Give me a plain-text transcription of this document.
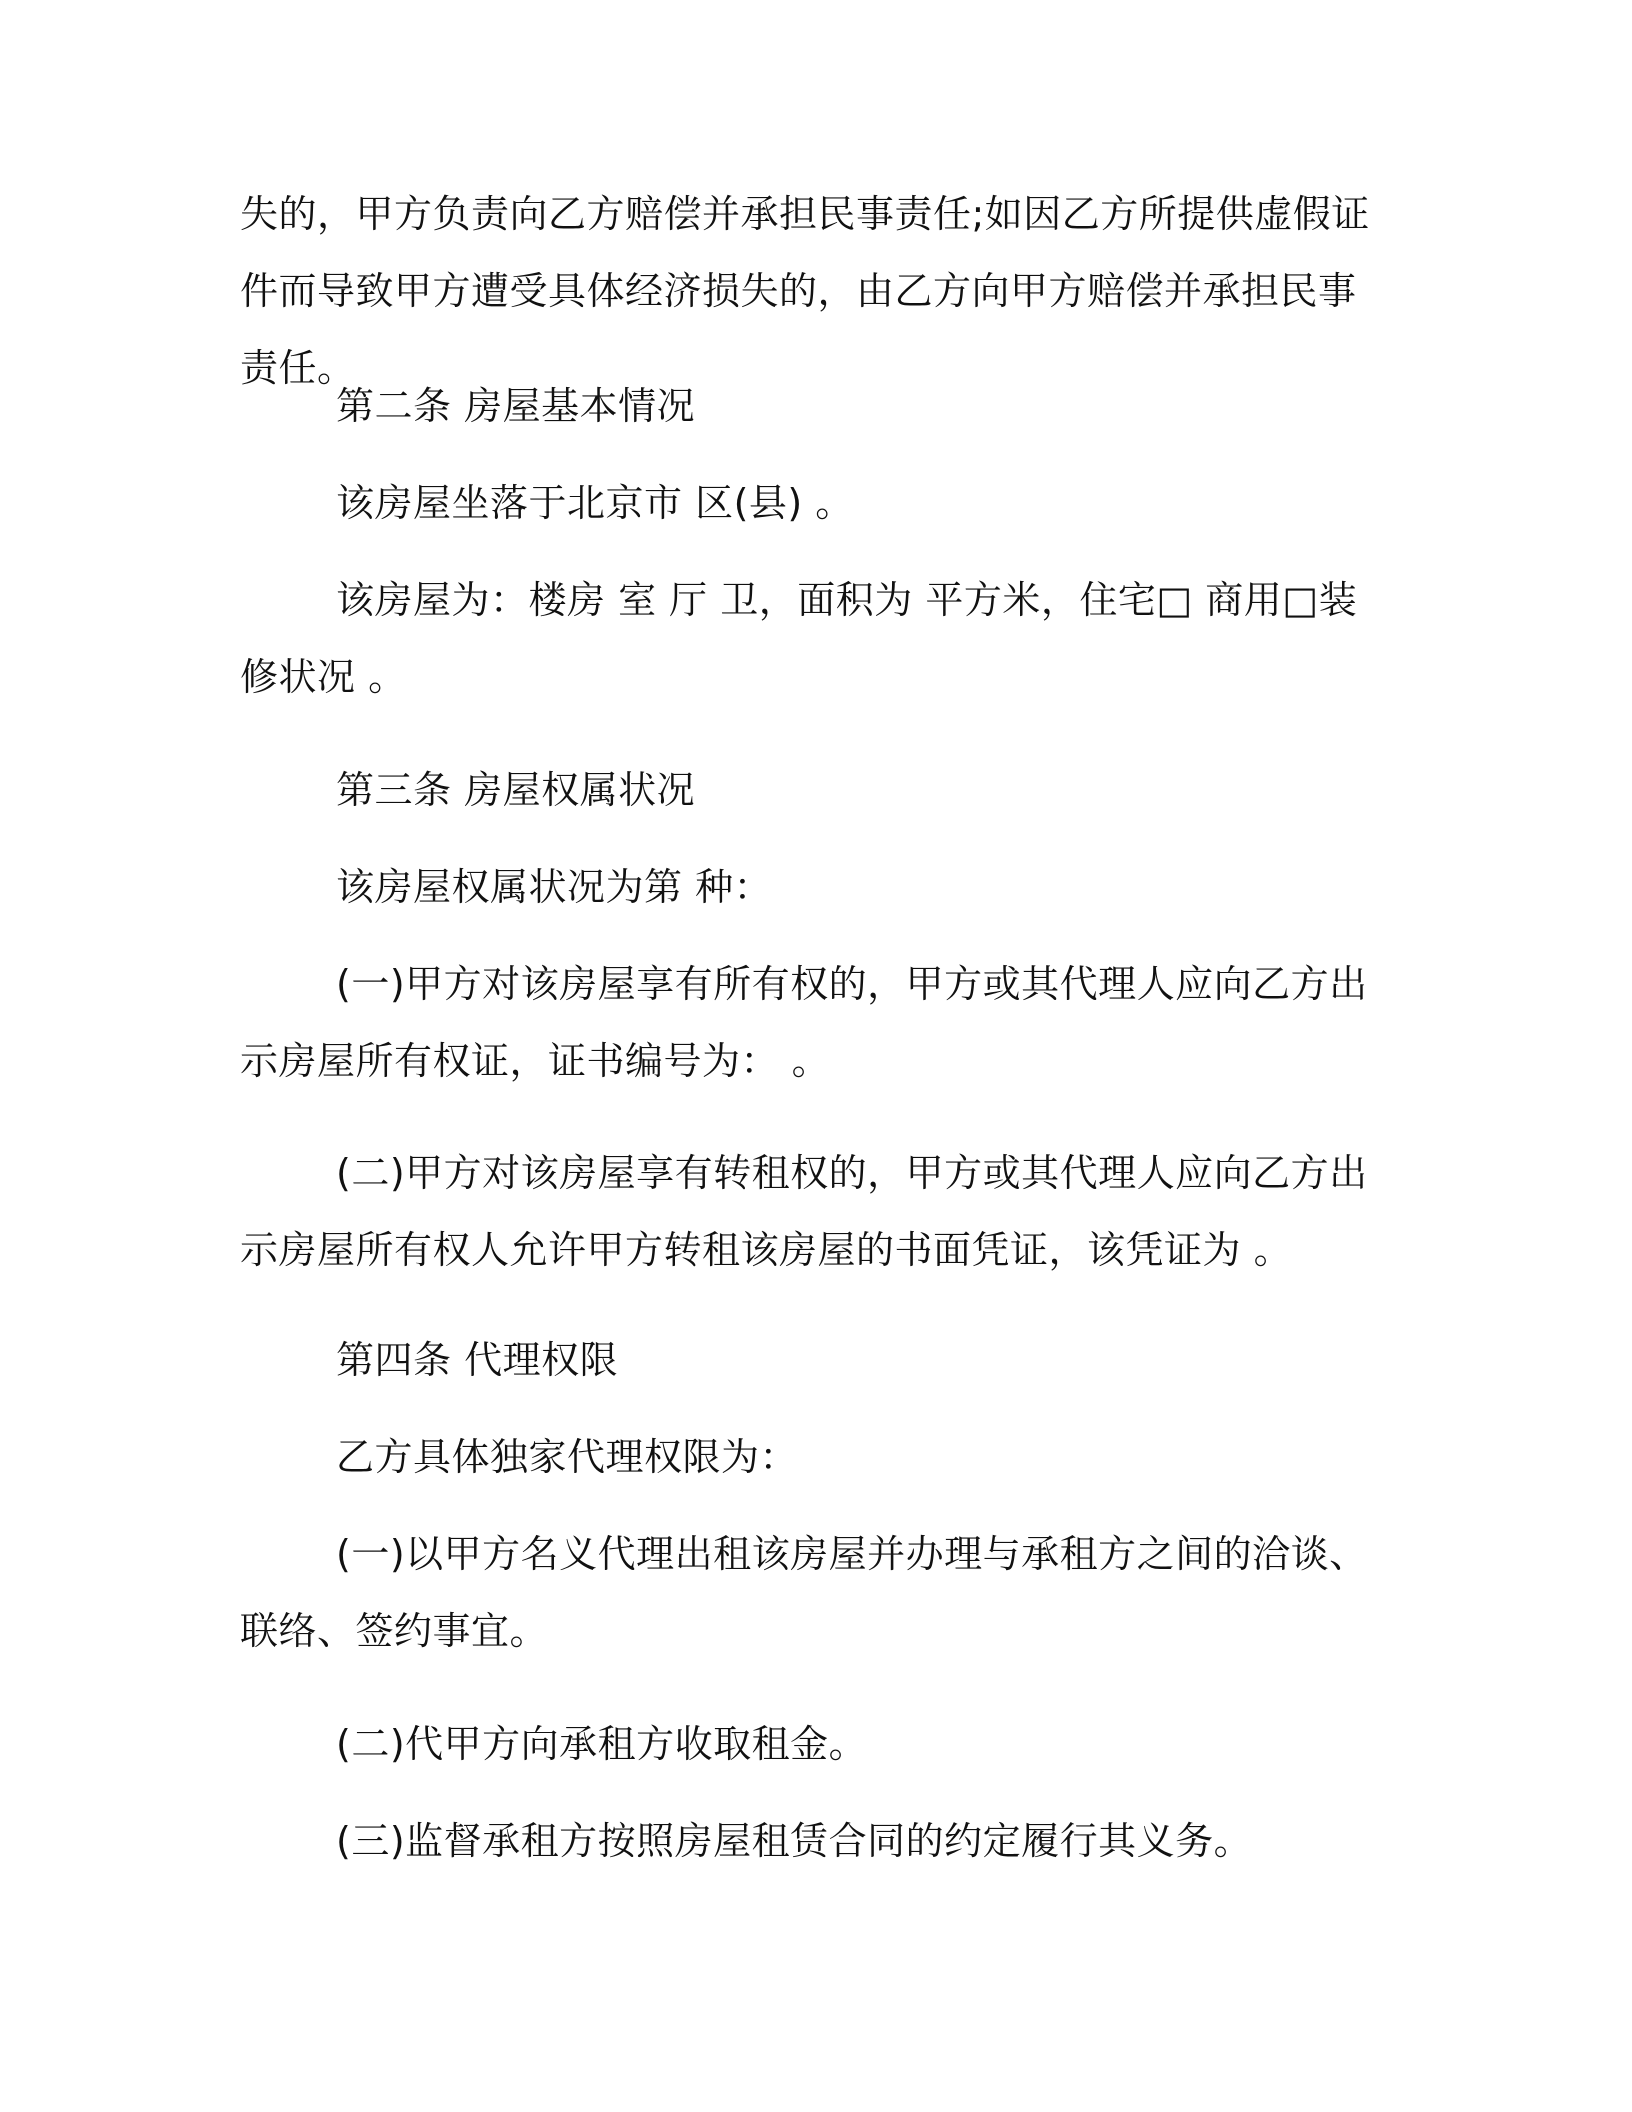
失的，甲方负责向乙方赔偿并承担民事责任;如因乙方所提供虚假证件而导致甲方遭受具体经济损失的，由乙方向甲方赔偿并承担民事责任。
第二条 房屋基本情况
该房屋坐落于北京市 区(县) 。
该房屋为：楼房 室 厅 卫，面积为 平方米，住宅□ 商用□装修状况 。
第三条 房屋权属状况
该房屋权属状况为第 种：
(一)甲方对该房屋享有所有权的，甲方或其代理人应向乙方出示房屋所有权证，证书编号为： 。
(二)甲方对该房屋享有转租权的，甲方或其代理人应向乙方出示房屋所有权人允许甲方转租该房屋的书面凭证，该凭证为 。
第四条 代理权限
乙方具体独家代理权限为：
(一)以甲方名义代理出租该房屋并办理与承租方之间的洽谈、联络、签约事宜。
(二)代甲方向承租方收取租金。
(三)监督承租方按照房屋租赁合同的约定履行其义务。
